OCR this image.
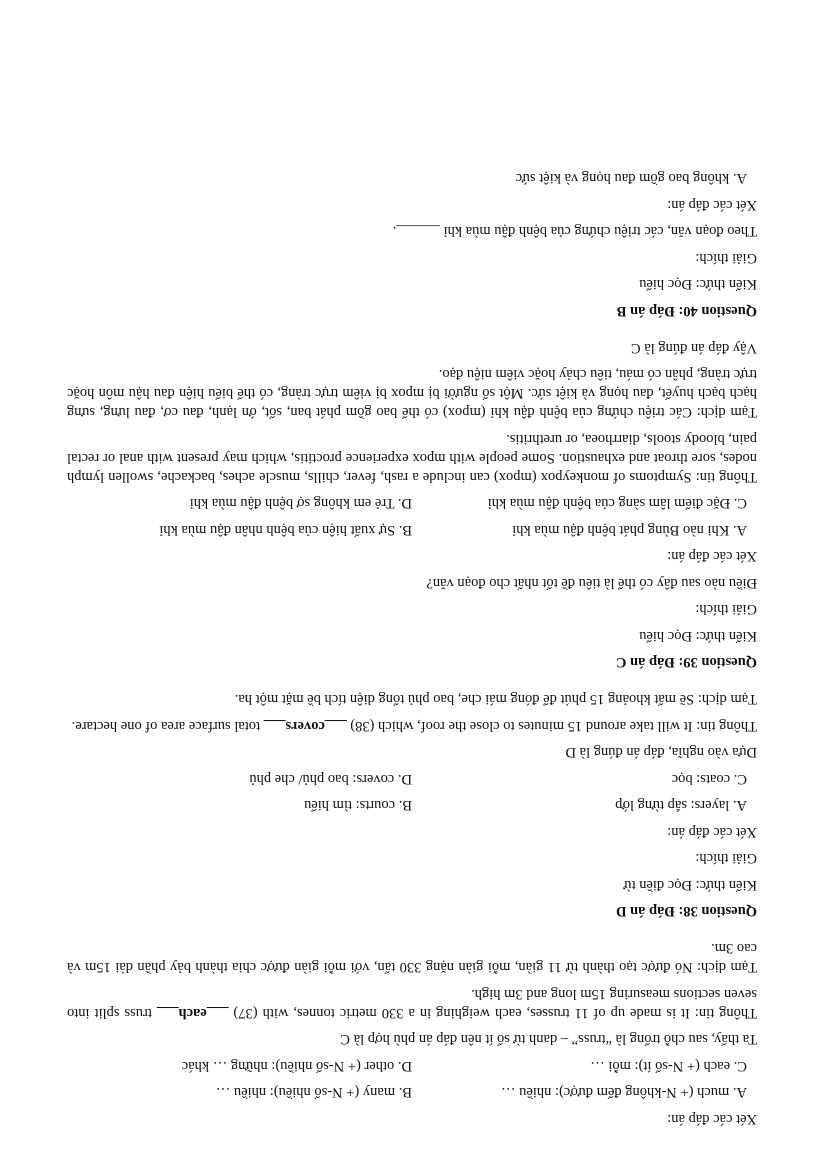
Xét các đáp án:
A. much (+ N-không đếm được): nhiều …
B. many (+ N-số nhiều): nhiều …
C. each (+ N-số ít): mỗi …
D. other (+ N-số nhiều): những … khác
Ta thấy, sau chỗ trống là “truss” – danh từ số ít nên đáp án phù hợp là C
Thông tin: It is made up of 11 trusses, each weighing in a 330 metric tonnes, with (37) ___each___ truss split into seven sections measuring 15m long and 3m high.
Tạm dịch: Nó được tạo thành từ 11 giàn, mỗi giàn nặng 330 tấn, với mỗi giàn được chia thành bảy phần dài 15m và cao 3m.
Question 38: Đáp án D
Kiến thức: Đọc điền từ
Giải thích:
Xét các đáp án:
A. layers: sắp từng lớp
B. courts: tìm hiểu
C. coats: bọc
D. covers: bao phủ/ che phủ
Dựa vào nghĩa, đáp án đúng là D
Thông tin: It will take around 15 minutes to close the roof, which (38) ___covers___ total surface area of one hectare.
Tạm dịch: Sẽ mất khoảng 15 phút để đóng mái che, bao phủ tổng diện tích bề mặt một ha.
Question 39: Đáp án C
Kiến thức: Đọc hiểu
Giải thích:
Điều nào sau đây có thể là tiêu đề tốt nhất cho đoạn văn?
Xét các đáp án:
A. Khi nào Bùng phát bệnh đậu mùa khỉ
B. Sự xuất hiện của bệnh nhân đậu mùa khỉ
C. Đặc điểm lâm sàng của bệnh đậu mùa khỉ
D. Trẻ em không sợ bệnh đậu mùa khỉ
Thông tin: Symptoms of monkeypox (mpox) can include a rash, fever, chills, muscle aches, backache, swollen lymph nodes, sore throat and exhaustion. Some people with mpox experience proctitis, which may present with anal or rectal pain, bloody stools, diarrhoea, or urethritis.
Tạm dịch: Các triệu chứng của bệnh đậu khỉ (mpox) có thể bao gồm phát ban, sốt, ớn lạnh, đau cơ, đau lưng, sưng hạch bạch huyết, đau họng và kiệt sức. Một số người bị mpox bị viêm trực tràng, có thể biểu hiện đau hậu môn hoặc trực tràng, phân có máu, tiêu chảy hoặc viêm niệu đạo.
Vậy đáp án đúng là C
Question 40: Đáp án B
Kiến thức: Đọc hiểu
Giải thích:
Theo đoạn văn, các triệu chứng của bệnh đậu mùa khỉ ______.
Xét các đáp án:
A. không bao gồm đau họng và kiệt sức
